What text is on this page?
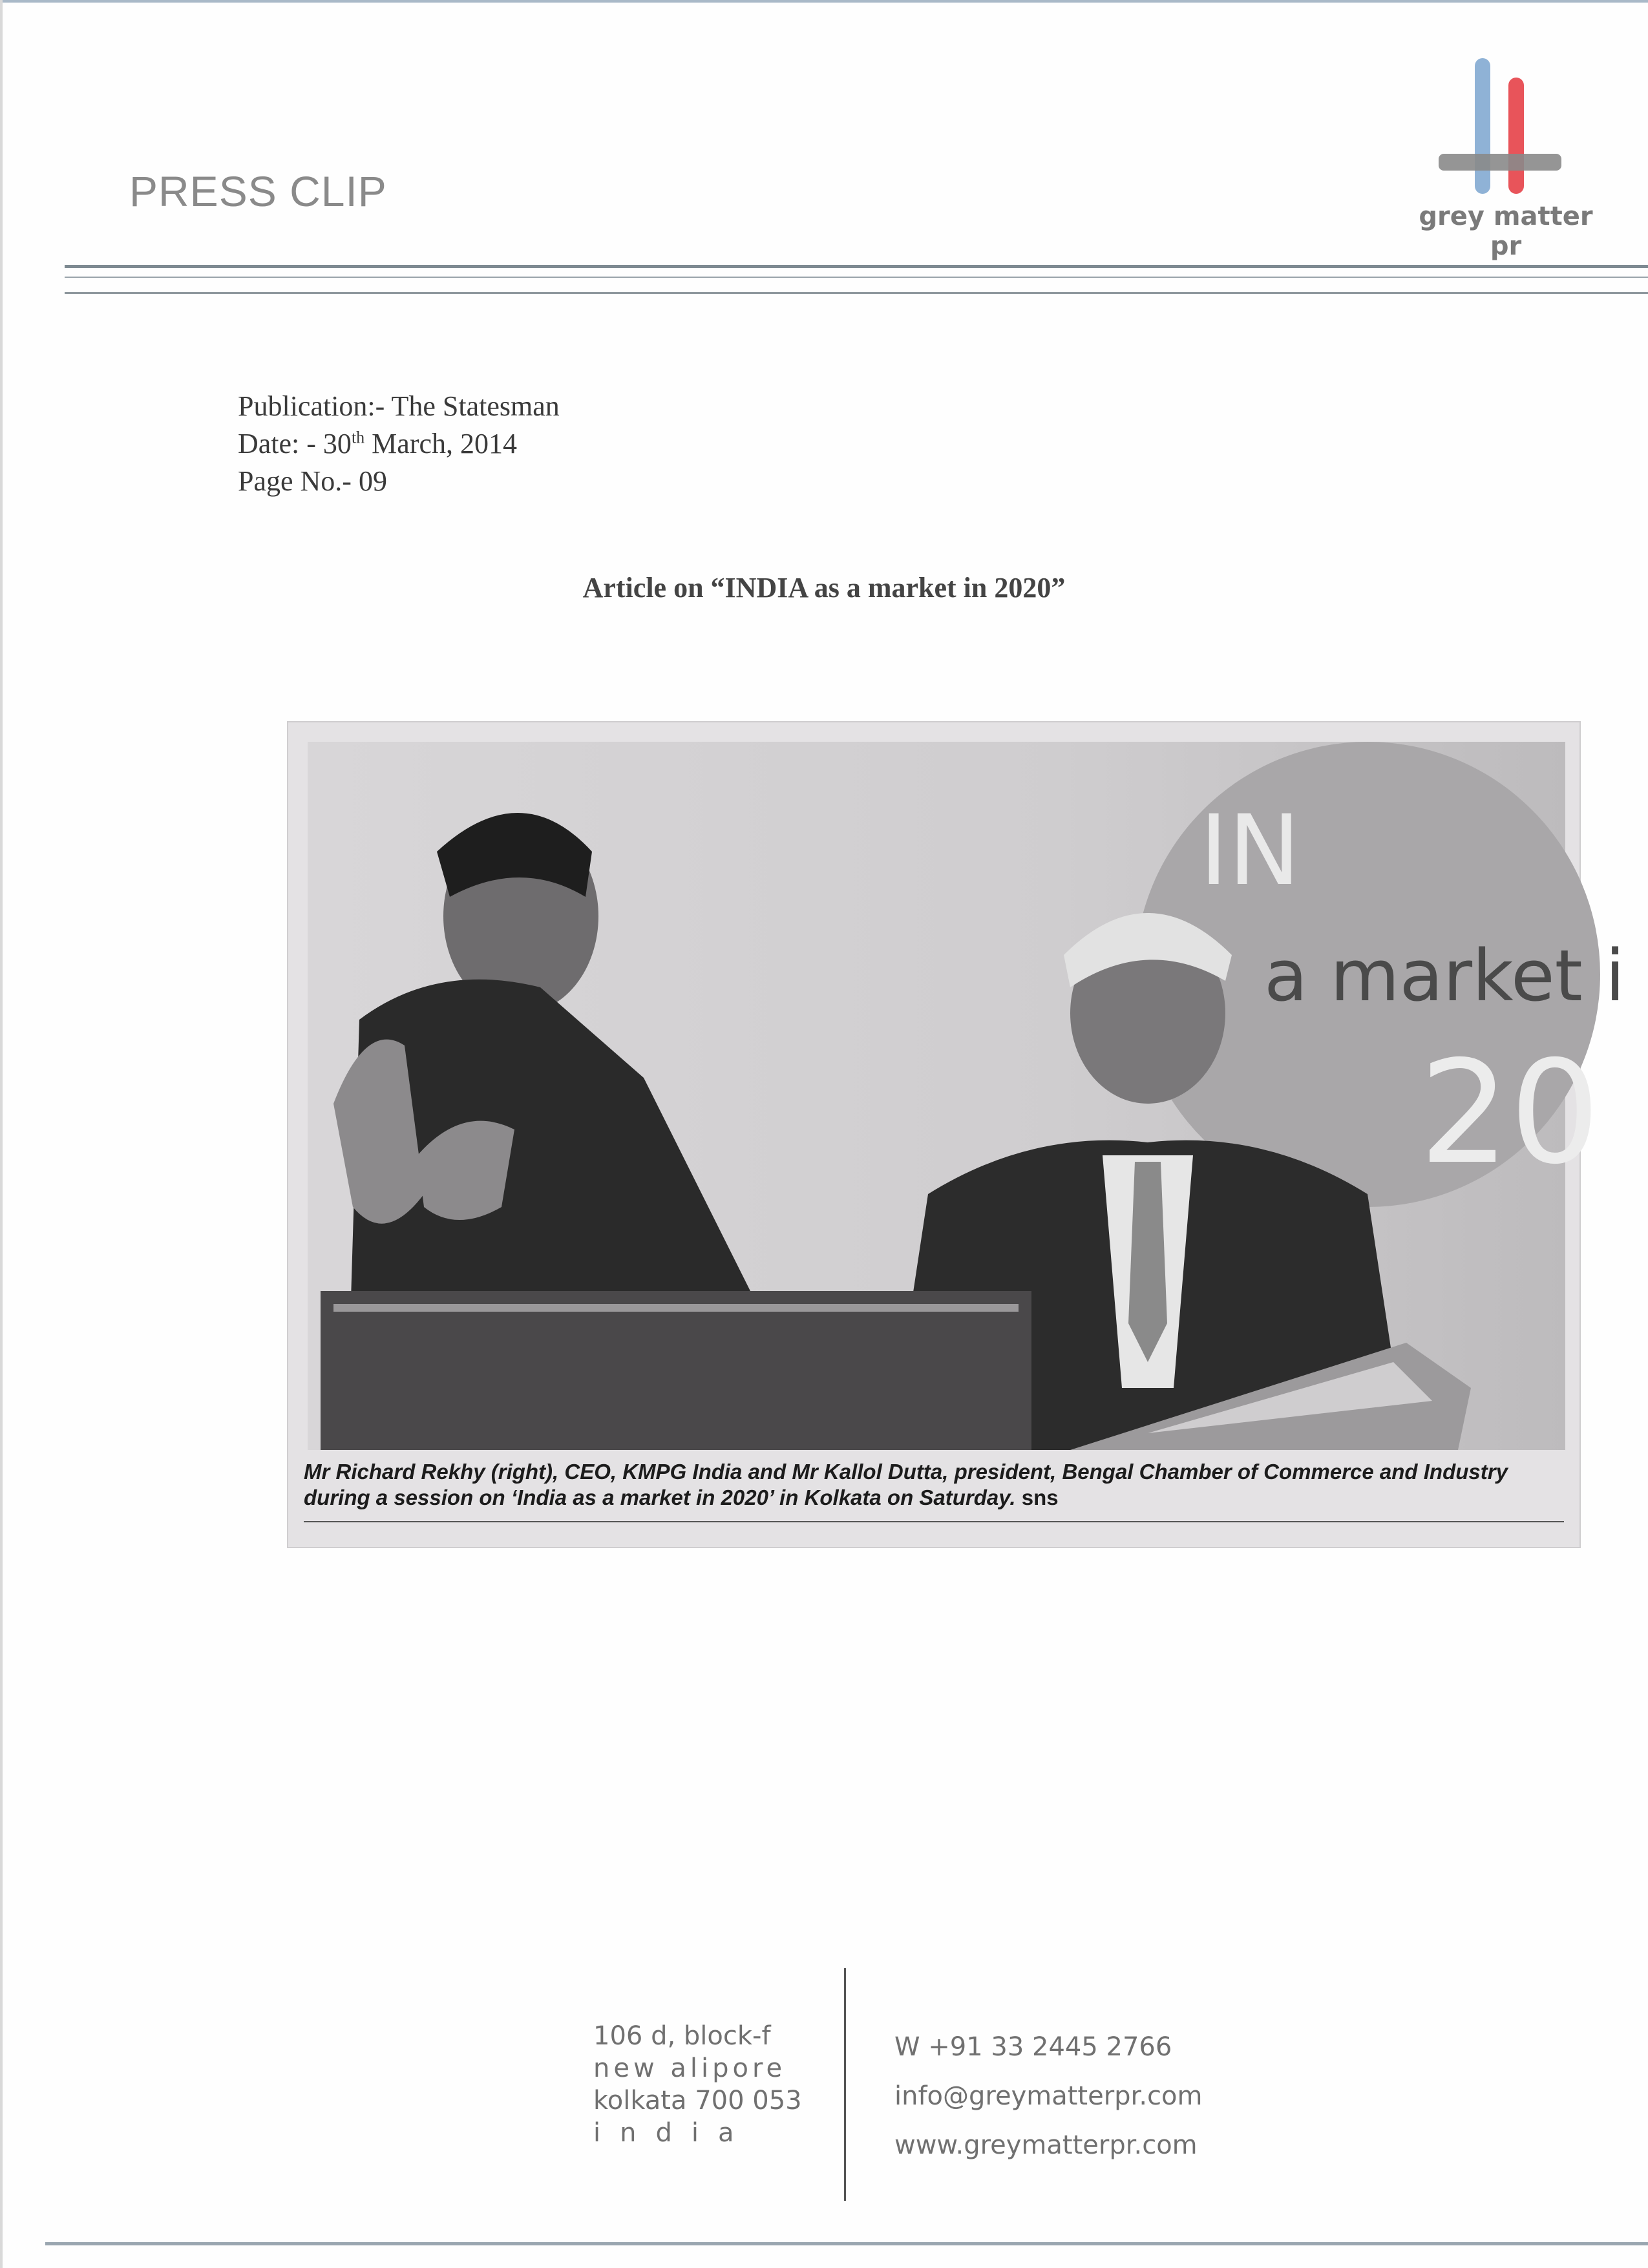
PRESS CLIP
grey matter pr
Publication:- The Statesman
Date: - 30th March, 2014
Page No.- 09
Article on “INDIA as a market in 2020”
IN
a market i
20
Mr Richard Rekhy (right), CEO, KMPG India and Mr Kallol Dutta, president, Bengal Chamber of Commerce and Industry during a session on ‘India as a market in 2020’ in Kolkata on Saturday. sns
106 d, block-f
new alipore
kolkata 700 053
india
W +91 33 2445 2766
info@greymatterpr.com
www.greymatterpr.com
